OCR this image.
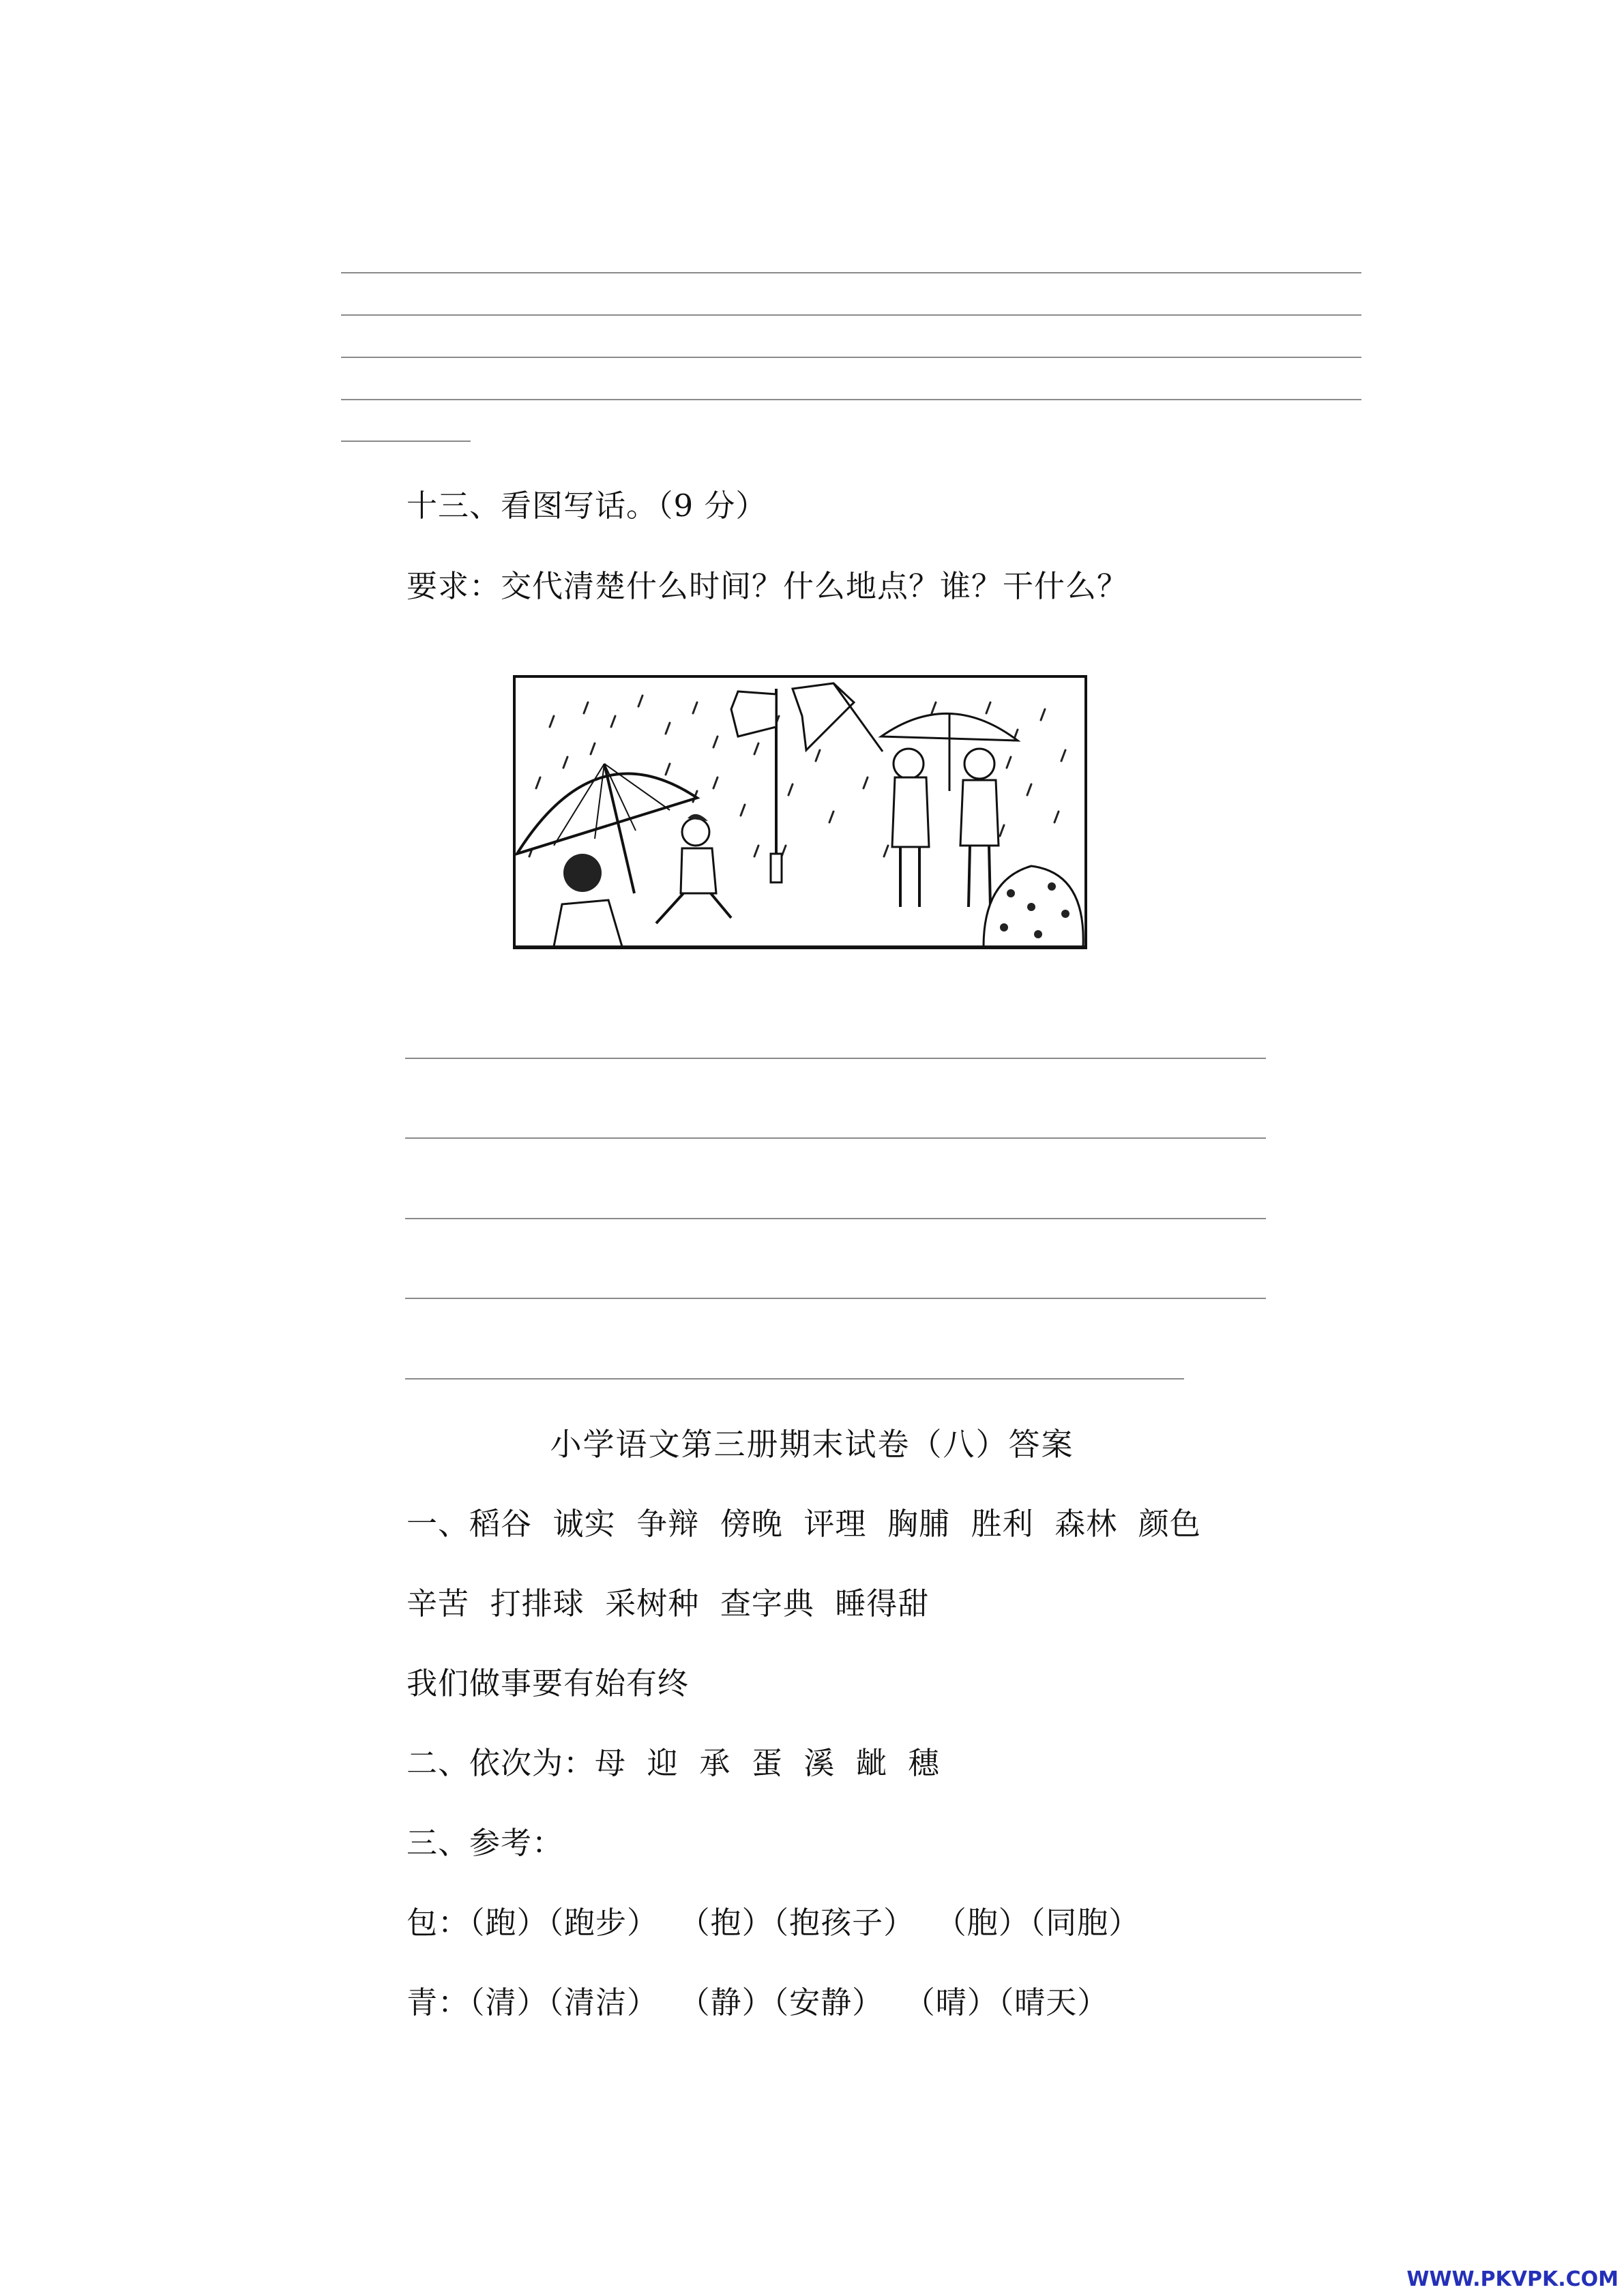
十三、看图写话。（9 分）
要求：交代清楚什么时间？什么地点？谁？干什么？
小学语文第三册期末试卷（八）答案
一、稻谷  诚实  争辩  傍晚  评理  胸脯  胜利  森林  颜色
辛苦  打排球  采树种  查字典  睡得甜
我们做事要有始有终
二、依次为：母  迎  承  蛋  溪  龇  穗
三、参考：
包：（跑）（跑步）  （抱）（抱孩子）  （胞）（同胞）
青：（清）（清洁）  （静）（安静）  （晴）（晴天）
WWW.PKVPK.COM
